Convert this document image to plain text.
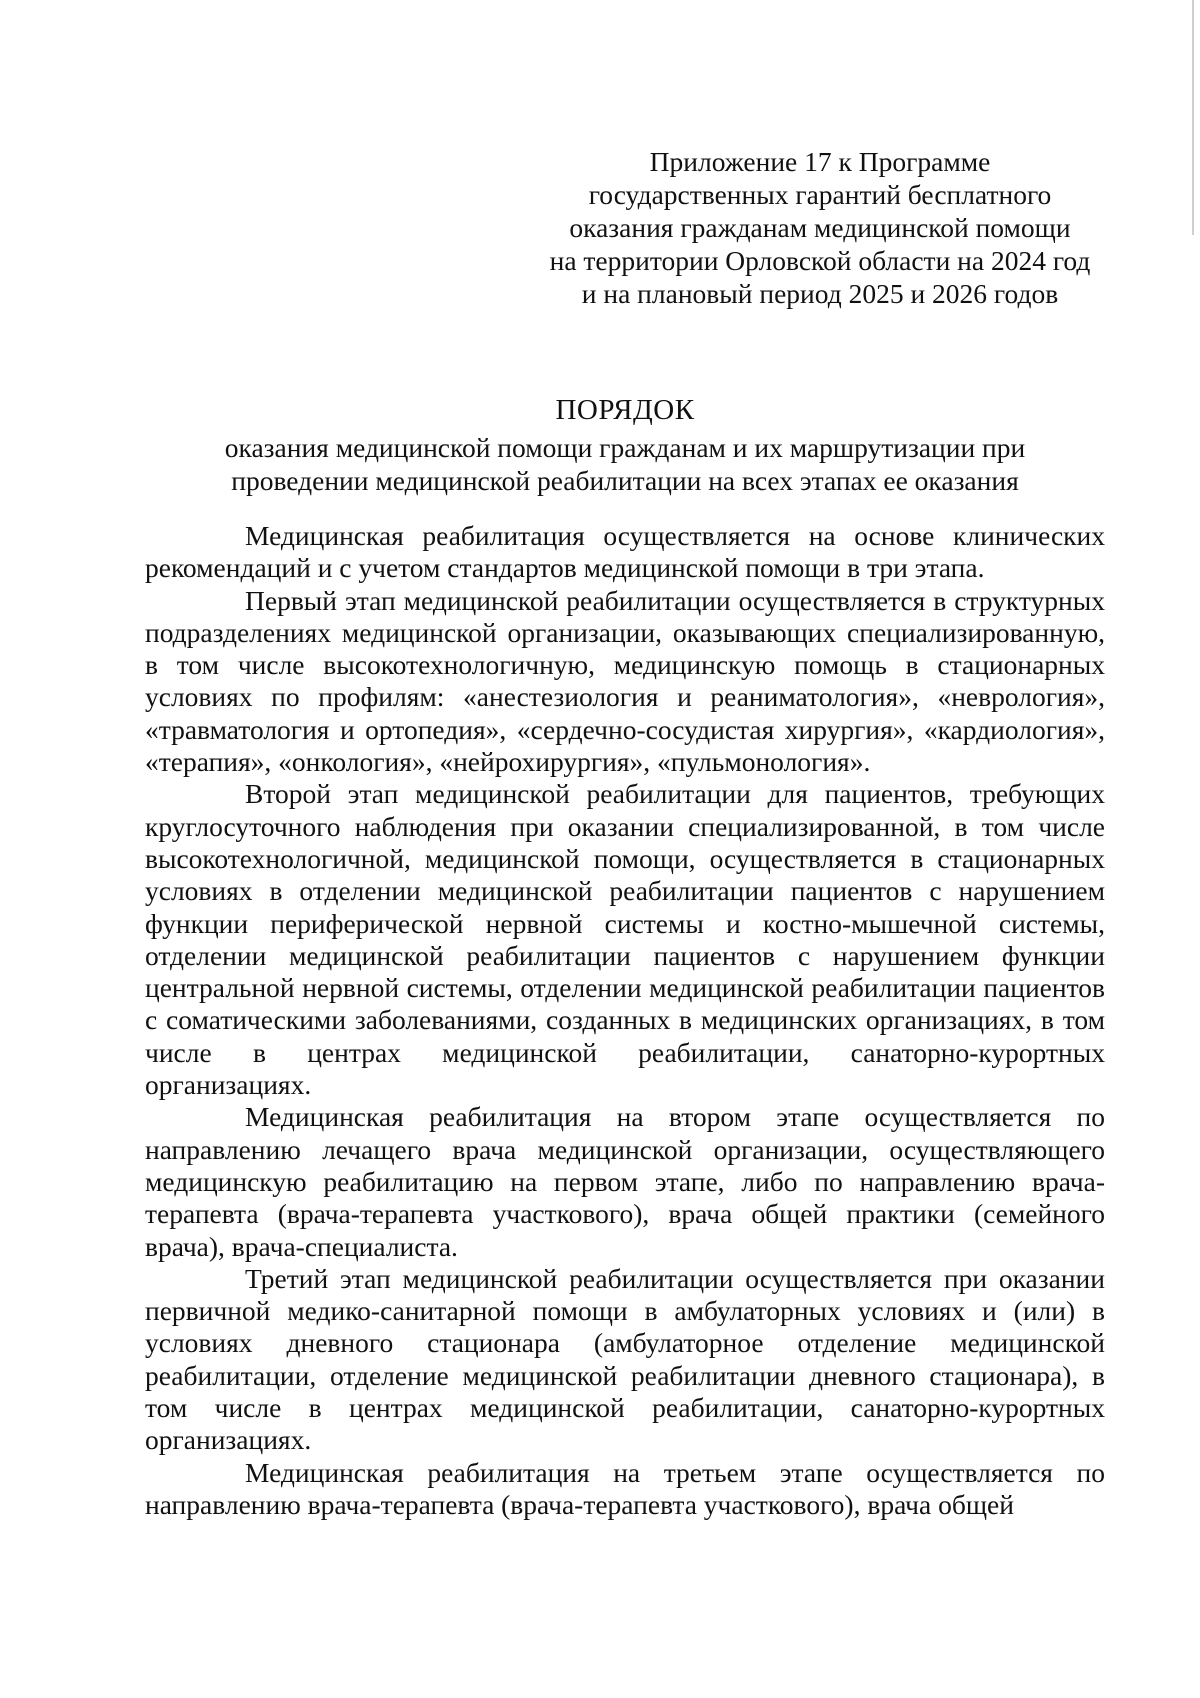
Приложение 17 к Программе
государственных гарантий бесплатного
оказания гражданам медицинской помощи
на территории Орловской области на 2024 год
и на плановый период 2025 и 2026 годов
ПОРЯДОК
оказания медицинской помощи гражданам и их маршрутизации при
проведении медицинской реабилитации на всех этапах ее оказания

Медицинская реабилитация осуществляется на основе клинических рекомендаций и с учетом стандартов медицинской помощи в три этапа.

Первый этап медицинской реабилитации осуществляется в структурных подразделениях медицинской организации, оказывающих специализированную, в том числе высокотехнологичную, медицинскую помощь в стационарных условиях по профилям: «анестезиология и реаниматология», «неврология», «травматология и ортопедия», «сердечно-сосудистая хирургия», «кардиология», «терапия», «онкология», «нейрохирургия», «пульмонология».

Второй этап медицинской реабилитации для пациентов, требующих круглосуточного наблюдения при оказании специализированной, в том числе высокотехнологичной, медицинской помощи, осуществляется в стационарных условиях в отделении медицинской реабилитации пациентов с нарушением функции периферической нервной системы и костно-мышечной системы, отделении медицинской реабилитации пациентов с нарушением функции центральной нервной системы, отделении медицинской реабилитации пациентов с соматическими заболеваниями, созданных в медицинских организациях, в том числе в центрах медицинской реабилитации, санаторно-курортных организациях.

Медицинская реабилитация на втором этапе осуществляется по направлению лечащего врача медицинской организации, осуществляющего медицинскую реабилитацию на первом этапе, либо по направлению врача-терапевта (врача-терапевта участкового), врача общей практики (семейного врача), врача-специалиста.

Третий этап медицинской реабилитации осуществляется при оказании первичной медико-санитарной помощи в амбулаторных условиях и (или) в условиях дневного стационара (амбулаторное отделение медицинской реабилитации, отделение медицинской реабилитации дневного стационара), в том числе в центрах медицинской реабилитации, санаторно-курортных организациях.

Медицинская реабилитация на третьем этапе осуществляется по направлению врача-терапевта (врача-терапевта участкового), врача общей
